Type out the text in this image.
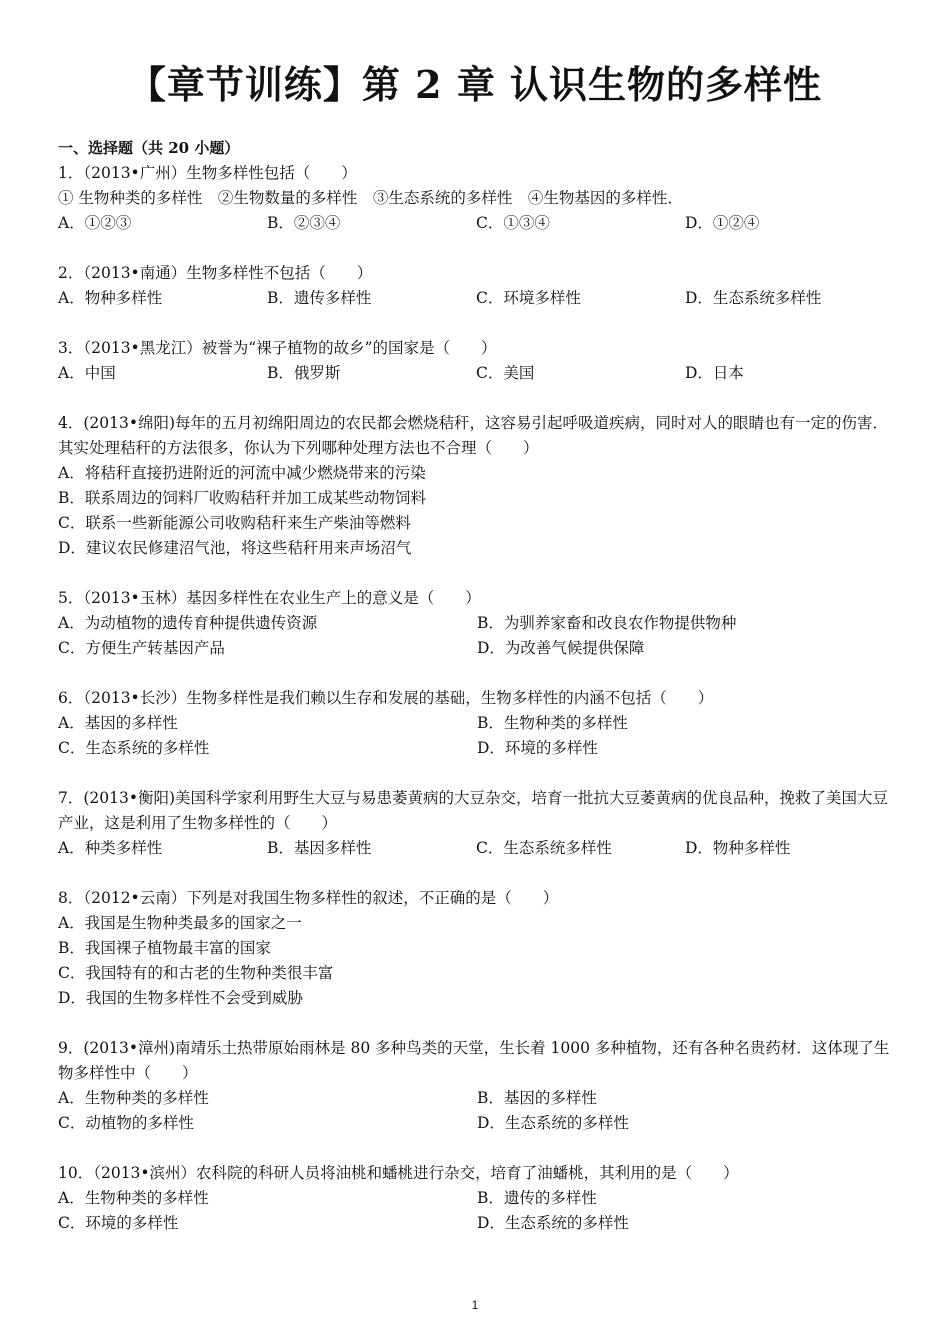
【章节训练】第 2 章 认识生物的多样性
一、选择题（共 20 小题）
1．（2013•广州）生物多样性包括（　　）
① 生物种类的多样性　②生物数量的多样性　③生态系统的多样性　④生物基因的多样性．
A．①②③	B．②③④	C．①③④	D．①②④
2．（2013•南通）生物多样性不包括（　　）
A．物种多样性	B．遗传多样性	C．环境多样性	D．生态系统多样性
3．（2013•黑龙江）被誉为“裸子植物的故乡”的国家是（　　）
A．中国	B．俄罗斯	C．美国	D．日本
4．(2013•绵阳)每年的五月初绵阳周边的农民都会燃烧秸秆，这容易引起呼吸道疾病，同时对人的眼睛也有一定的伤害．其实处理秸秆的方法很多，你认为下列哪种处理方法也不合理（　　）
A．将秸秆直接扔进附近的河流中减少燃烧带来的污染
B．联系周边的饲料厂收购秸秆并加工成某些动物饲料
C．联系一些新能源公司收购秸秆来生产柴油等燃料
D．建议农民修建沼气池，将这些秸秆用来声场沼气
5．（2013•玉林）基因多样性在农业生产上的意义是（　　）
A．为动植物的遗传育种提供遗传资源	B．为驯养家畜和改良农作物提供物种
C．方便生产转基因产品	D．为改善气候提供保障
6．（2013•长沙）生物多样性是我们赖以生存和发展的基础，生物多样性的内涵不包括（　　）
A．基因的多样性	B．生物种类的多样性
C．生态系统的多样性	D．环境的多样性
7．(2013•衡阳)美国科学家利用野生大豆与易患萎黄病的大豆杂交，培育一批抗大豆萎黄病的优良品种，挽救了美国大豆产业，这是利用了生物多样性的（　　）
A．种类多样性	B．基因多样性	C．生态系统多样性	D．物种多样性
8．（2012•云南）下列是对我国生物多样性的叙述，不正确的是（　　）
A．我国是生物种类最多的国家之一
B．我国裸子植物最丰富的国家
C．我国特有的和古老的生物种类很丰富
D．我国的生物多样性不会受到威胁
9．(2013•漳州)南靖乐土热带原始雨林是 80 多种鸟类的天堂，生长着 1000 多种植物，还有各种名贵药材．这体现了生物多样性中（　　）
A．生物种类的多样性	B．基因的多样性
C．动植物的多样性	D．生态系统的多样性
10．（2013•滨州）农科院的科研人员将油桃和蟠桃进行杂交，培育了油蟠桃，其利用的是（　　）
A．生物种类的多样性	B．遗传的多样性
C．环境的多样性	D．生态系统的多样性
1
